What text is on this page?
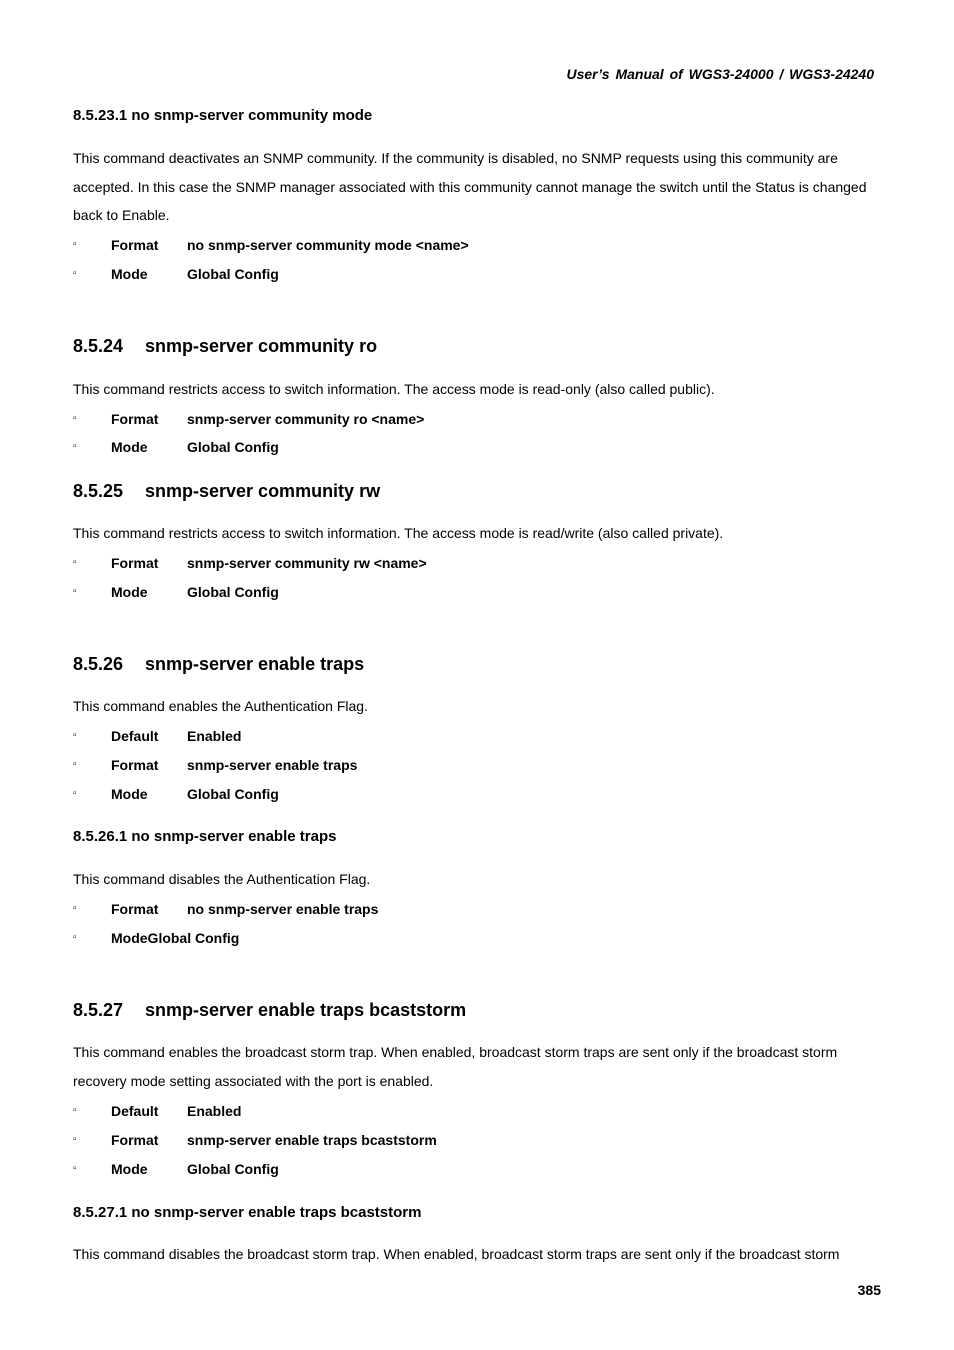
User’s Manual of WGS3-24000 / WGS3-24240
8.5.23.1 no snmp-server community mode
This command deactivates an SNMP community. If the community is disabled, no SNMP requests using this community are accepted. In this case the SNMP manager associated with this community cannot manage the switch until the Status is changed back to Enable.
▫ Format no snmp-server community mode <name>
▫ Mode	Global Config
8.5.24 snmp-server community ro
This command restricts access to switch information. The access mode is read-only (also called public).
▫ Format snmp-server community ro <name>
▫ Mode	Global Config
8.5.25 snmp-server community rw
This command restricts access to switch information. The access mode is read/write (also called private).
▫ Format snmp-server community rw <name>
▫ Mode	Global Config
8.5.26 snmp-server enable traps
This command enables the Authentication Flag.
▫ Default Enabled
▫ Format snmp-server enable traps
▫ Mode	Global Config
8.5.26.1 no snmp-server enable traps
This command disables the Authentication Flag.
▫ Format no snmp-server enable traps
▫ ModeGlobal Config
8.5.27 snmp-server enable traps bcaststorm
This command enables the broadcast storm trap. When enabled, broadcast storm traps are sent only if the broadcast storm recovery mode setting associated with the port is enabled.
▫ Default Enabled
▫ Format snmp-server enable traps bcaststorm
▫ Mode	Global Config
8.5.27.1 no snmp-server enable traps bcaststorm
This command disables the broadcast storm trap. When enabled, broadcast storm traps are sent only if the broadcast storm
385
